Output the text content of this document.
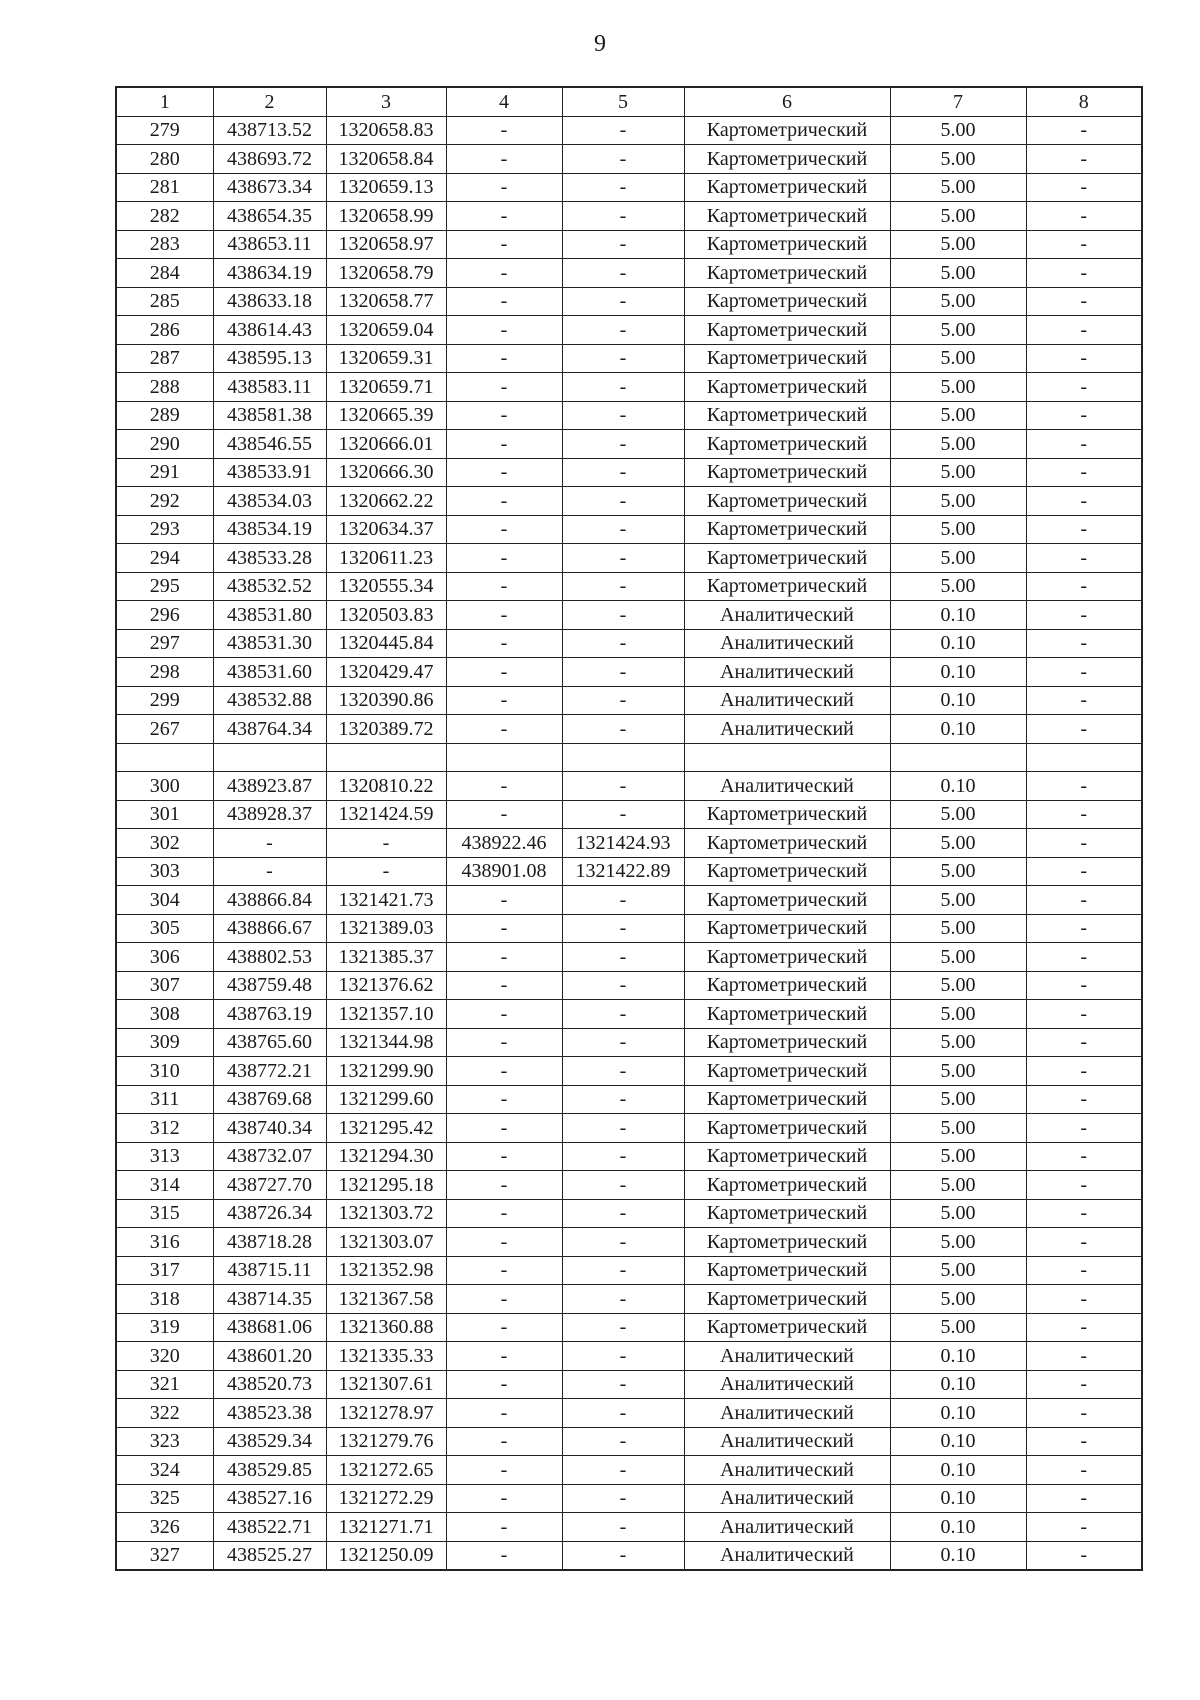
9
1	2	3	4	5	6	7	8
279	438713.52	1320658.83	-	-	Картометрический	5.00	-
280	438693.72	1320658.84	-	-	Картометрический	5.00	-
281	438673.34	1320659.13	-	-	Картометрический	5.00	-
282	438654.35	1320658.99	-	-	Картометрический	5.00	-
283	438653.11	1320658.97	-	-	Картометрический	5.00	-
284	438634.19	1320658.79	-	-	Картометрический	5.00	-
285	438633.18	1320658.77	-	-	Картометрический	5.00	-
286	438614.43	1320659.04	-	-	Картометрический	5.00	-
287	438595.13	1320659.31	-	-	Картометрический	5.00	-
288	438583.11	1320659.71	-	-	Картометрический	5.00	-
289	438581.38	1320665.39	-	-	Картометрический	5.00	-
290	438546.55	1320666.01	-	-	Картометрический	5.00	-
291	438533.91	1320666.30	-	-	Картометрический	5.00	-
292	438534.03	1320662.22	-	-	Картометрический	5.00	-
293	438534.19	1320634.37	-	-	Картометрический	5.00	-
294	438533.28	1320611.23	-	-	Картометрический	5.00	-
295	438532.52	1320555.34	-	-	Картометрический	5.00	-
296	438531.80	1320503.83	-	-	Аналитический	0.10	-
297	438531.30	1320445.84	-	-	Аналитический	0.10	-
298	438531.60	1320429.47	-	-	Аналитический	0.10	-
299	438532.88	1320390.86	-	-	Аналитический	0.10	-
267	438764.34	1320389.72	-	-	Аналитический	0.10	-

300	438923.87	1320810.22	-	-	Аналитический	0.10	-
301	438928.37	1321424.59	-	-	Картометрический	5.00	-
302	-	-	438922.46	1321424.93	Картометрический	5.00	-
303	-	-	438901.08	1321422.89	Картометрический	5.00	-
304	438866.84	1321421.73	-	-	Картометрический	5.00	-
305	438866.67	1321389.03	-	-	Картометрический	5.00	-
306	438802.53	1321385.37	-	-	Картометрический	5.00	-
307	438759.48	1321376.62	-	-	Картометрический	5.00	-
308	438763.19	1321357.10	-	-	Картометрический	5.00	-
309	438765.60	1321344.98	-	-	Картометрический	5.00	-
310	438772.21	1321299.90	-	-	Картометрический	5.00	-
311	438769.68	1321299.60	-	-	Картометрический	5.00	-
312	438740.34	1321295.42	-	-	Картометрический	5.00	-
313	438732.07	1321294.30	-	-	Картометрический	5.00	-
314	438727.70	1321295.18	-	-	Картометрический	5.00	-
315	438726.34	1321303.72	-	-	Картометрический	5.00	-
316	438718.28	1321303.07	-	-	Картометрический	5.00	-
317	438715.11	1321352.98	-	-	Картометрический	5.00	-
318	438714.35	1321367.58	-	-	Картометрический	5.00	-
319	438681.06	1321360.88	-	-	Картометрический	5.00	-
320	438601.20	1321335.33	-	-	Аналитический	0.10	-
321	438520.73	1321307.61	-	-	Аналитический	0.10	-
322	438523.38	1321278.97	-	-	Аналитический	0.10	-
323	438529.34	1321279.76	-	-	Аналитический	0.10	-
324	438529.85	1321272.65	-	-	Аналитический	0.10	-
325	438527.16	1321272.29	-	-	Аналитический	0.10	-
326	438522.71	1321271.71	-	-	Аналитический	0.10	-
327	438525.27	1321250.09	-	-	Аналитический	0.10	-
